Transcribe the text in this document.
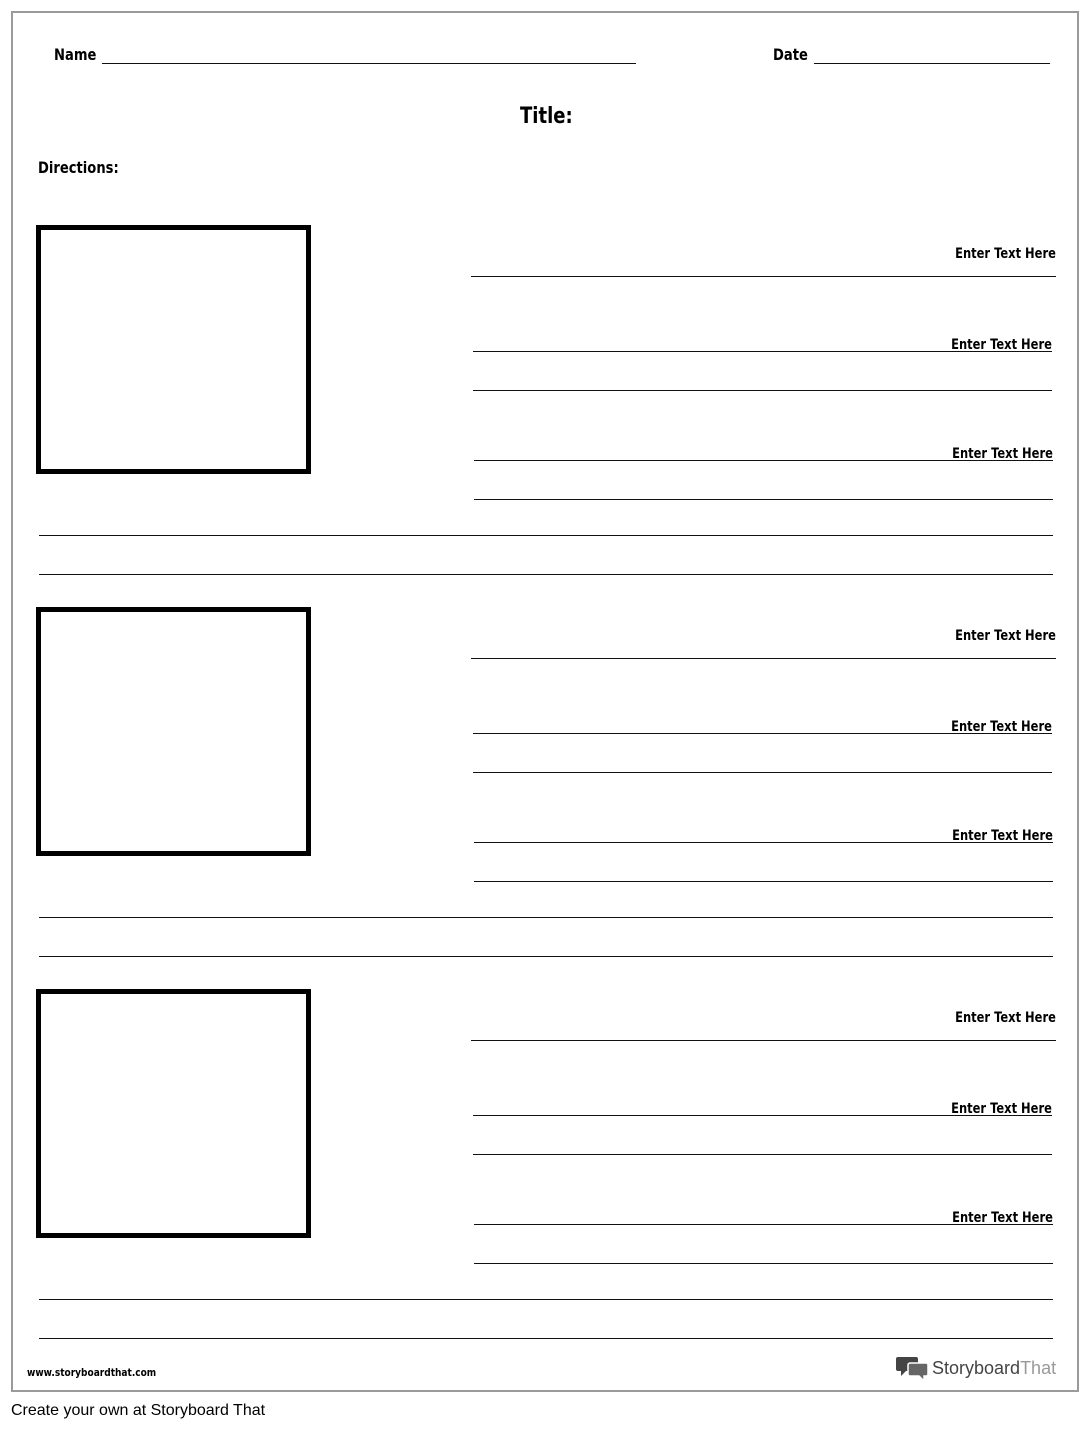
Name	Date
Title:
Directions:
Enter Text Here
Enter Text Here
Enter Text Here
Enter Text Here
Enter Text Here
Enter Text Here
Enter Text Here
Enter Text Here
Enter Text Here
www.storyboardthat.com	StoryboardThat
Create your own at Storyboard That
